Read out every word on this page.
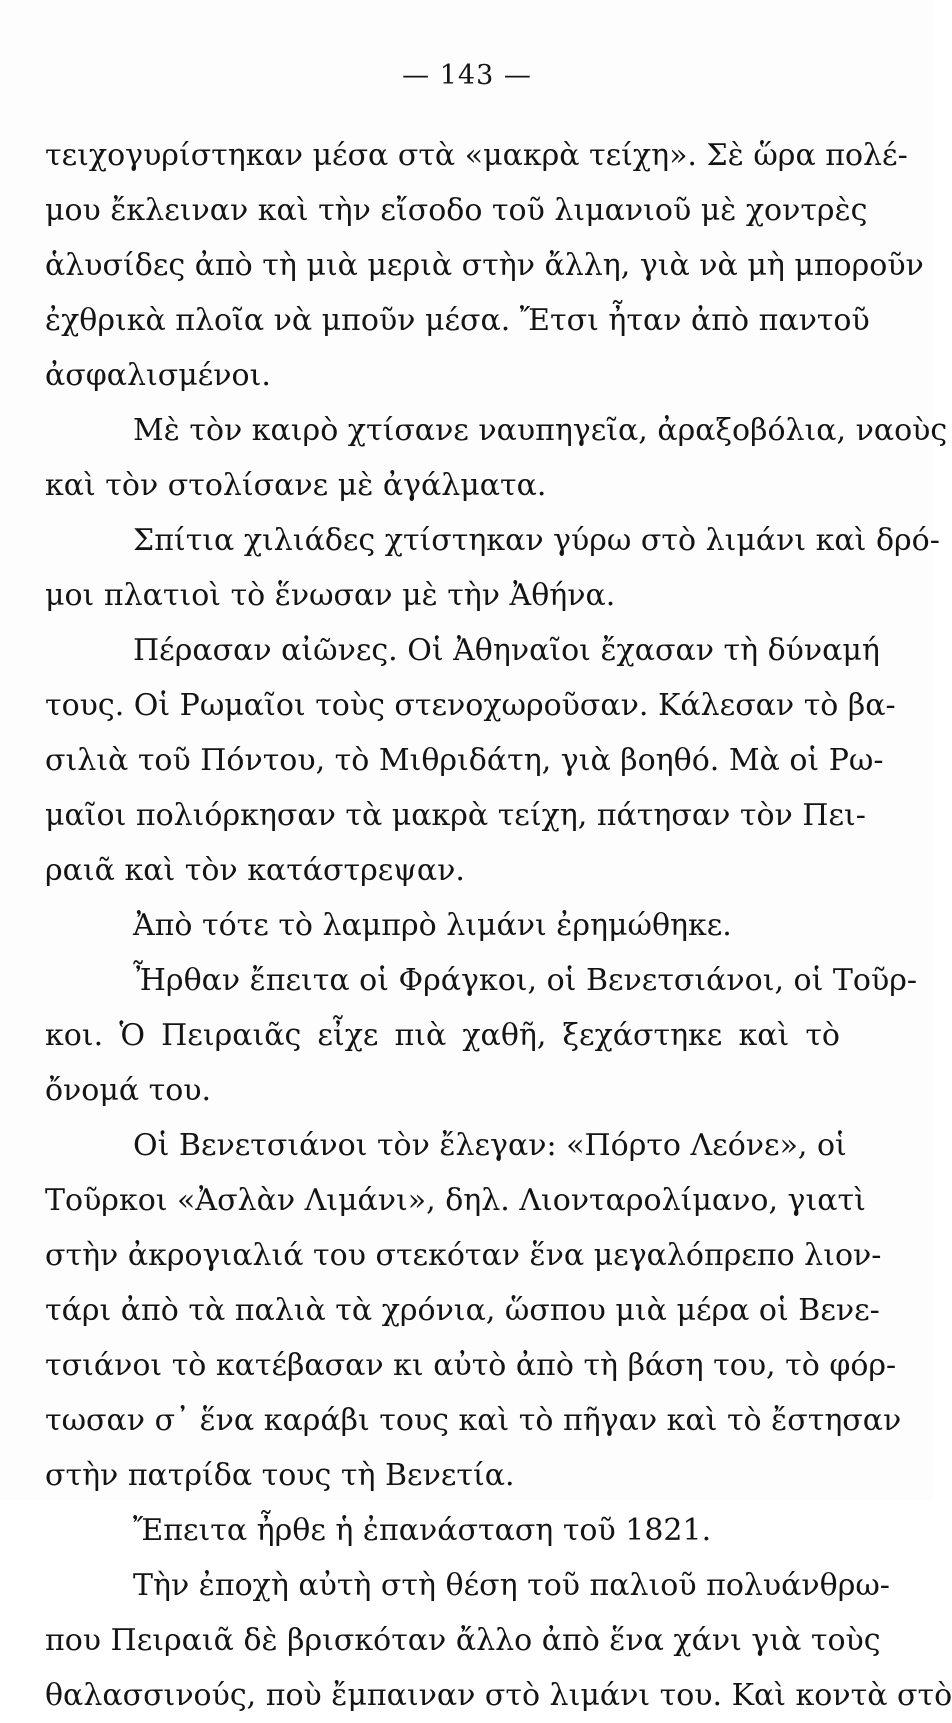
— 143 —
τειχογυρίστηκαν μέσα στὰ «μακρὰ τείχη». Σὲ ὥρα πολέ-
μου ἔκλειναν καὶ τὴν εἴσοδο τοῦ λιμανιοῦ μὲ χοντρὲς
ἁλυσίδες ἀπὸ τὴ μιὰ μεριὰ στὴν ἄλλη, γιὰ νὰ μὴ μποροῦν
ἐχθρικὰ πλοῖα νὰ μποῦν μέσα. Ἔτσι ἦταν ἀπὸ παντοῦ
ἀσφαλισμένοι.
Μὲ τὸν καιρὸ χτίσανε ναυπηγεῖα, ἀραξοβόλια, ναοὺς
καὶ τὸν στολίσανε μὲ ἀγάλματα.
Σπίτια χιλιάδες χτίστηκαν γύρω στὸ λιμάνι καὶ δρό-
μοι πλατιοὶ τὸ ἕνωσαν μὲ τὴν Ἀθήνα.
Πέρασαν αἰῶνες. Οἱ Ἀθηναῖοι ἔχασαν τὴ δύναμή
τους. Οἱ Ρωμαῖοι τοὺς στενοχωροῦσαν. Κάλεσαν τὸ βα-
σιλιὰ τοῦ Πόντου, τὸ Μιθριδάτη, γιὰ βοηθό. Μὰ οἱ Ρω-
μαῖοι πολιόρκησαν τὰ μακρὰ τείχη, πάτησαν τὸν Πει-
ραιᾶ καὶ τὸν κατάστρεψαν.
Ἀπὸ τότε τὸ λαμπρὸ λιμάνι ἐρημώθηκε.
Ἦρθαν ἔπειτα οἱ Φράγκοι, οἱ Βενετσιάνοι, οἱ Τοῦρ-
κοι. Ὁ Πειραιᾶς εἶχε πιὰ χαθῆ, ξεχάστηκε καὶ τὸ
ὄνομά του.
Οἱ Βενετσιάνοι τὸν ἔλεγαν: «Πόρτο Λεόνε», οἱ
Τοῦρκοι «Ἀσλὰν Λιμάνι», δηλ. Λιονταρολίμανο, γιατὶ
στὴν ἀκρογιαλιά του στεκόταν ἕνα μεγαλόπρεπο λιον-
τάρι ἀπὸ τὰ παλιὰ τὰ χρόνια, ὥσπου μιὰ μέρα οἱ Βενε-
τσιάνοι τὸ κατέβασαν κι αὐτὸ ἀπὸ τὴ βάση του, τὸ φόρ-
τωσαν σ᾽ ἕνα καράβι τους καὶ τὸ πῆγαν καὶ τὸ ἔστησαν
στὴν πατρίδα τους τὴ Βενετία.
Ἔπειτα ἦρθε ἡ ἐπανάσταση τοῦ 1821.
Τὴν ἐποχὴ αὐτὴ στὴ θέση τοῦ παλιοῦ πολυάνθρω-
που Πειραιᾶ δὲ βρισκόταν ἄλλο ἀπὸ ἕνα χάνι γιὰ τοὺς
θαλασσινούς, ποὺ ἔμπαιναν στὸ λιμάνι του. Καὶ κοντὰ στὸ
